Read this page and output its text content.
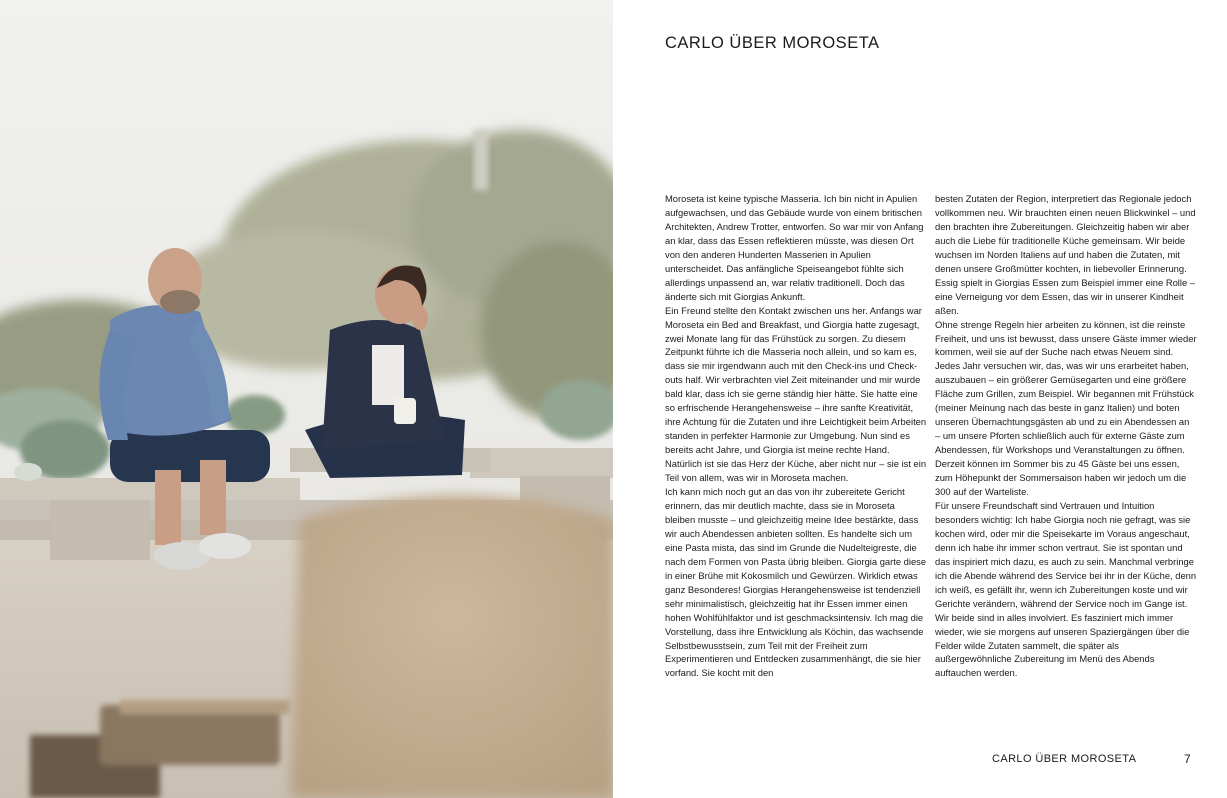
CARLO ÜBER MOROSETA

Moroseta ist keine typische Masseria. Ich bin nicht in Apulien aufgewachsen, und das Gebäude wurde von einem britischen Architekten, Andrew Trotter, entworfen. So war mir von Anfang an klar, dass das Essen reflektieren müsste, was diesen Ort von den anderen Hunderten Masserien in Apulien unterscheidet. Das anfängliche Speiseangebot fühlte sich allerdings unpassend an, war relativ traditionell. Doch das änderte sich mit Giorgias Ankunft.

Ein Freund stellte den Kontakt zwischen uns her. Anfangs war Moroseta ein Bed and Breakfast, und Giorgia hatte zugesagt, zwei Monate lang für das Frühstück zu sorgen. Zu diesem Zeitpunkt führte ich die Masseria noch allein, und so kam es, dass sie mir irgendwann auch mit den Check-ins und Check-outs half. Wir verbrachten viel Zeit miteinander und mir wurde bald klar, dass ich sie gerne ständig hier hätte. Sie hatte eine so erfrischende Herangehensweise – ihre sanfte Kreativität, ihre Achtung für die Zutaten und ihre Leichtigkeit beim Arbeiten standen in perfekter Harmonie zur Umgebung. Nun sind es bereits acht Jahre, und Giorgia ist meine rechte Hand. Natürlich ist sie das Herz der Küche, aber nicht nur – sie ist ein Teil von allem, was wir in Moroseta machen.

Ich kann mich noch gut an das von ihr zubereitete Gericht erinnern, das mir deutlich machte, dass sie in Moroseta bleiben musste – und gleichzeitig meine Idee bestärkte, dass wir auch Abendessen anbieten sollten. Es handelte sich um eine Pasta mista, das sind im Grunde die Nudelteigreste, die nach dem Formen von Pasta übrig bleiben. Giorgia garte diese in einer Brühe mit Kokosmilch und Gewürzen. Wirklich etwas ganz Besonderes! Giorgias Herangehensweise ist tendenziell sehr minimalistisch, gleichzeitig hat ihr Essen immer einen hohen Wohlfühlfaktor und ist geschmacksintensiv. Ich mag die Vorstellung, dass ihre Entwicklung als Köchin, das wachsende Selbstbewusstsein, zum Teil mit der Freiheit zum Experimentieren und Entdecken zusammenhängt, die sie hier vorfand. Sie kocht mit den

besten Zutaten der Region, interpretiert das Regionale jedoch vollkommen neu. Wir brauchten einen neuen Blickwinkel – und den brachten ihre Zubereitungen. Gleichzeitig haben wir aber auch die Liebe für traditionelle Küche gemeinsam. Wir beide wuchsen im Norden Italiens auf und haben die Zutaten, mit denen unsere Großmütter kochten, in liebevoller Erinnerung. Essig spielt in Giorgias Essen zum Beispiel immer eine Rolle – eine Verneigung vor dem Essen, das wir in unserer Kindheit aßen.

Ohne strenge Regeln hier arbeiten zu können, ist die reinste Freiheit, und uns ist bewusst, dass unsere Gäste immer wieder kommen, weil sie auf der Suche nach etwas Neuem sind. Jedes Jahr versuchen wir, das, was wir uns erarbeitet haben, auszubauen – ein größerer Gemüsegarten und eine größere Fläche zum Grillen, zum Beispiel. Wir begannen mit Frühstück (meiner Meinung nach das beste in ganz Italien) und boten unseren Übernachtungsgästen ab und zu ein Abendessen an – um unsere Pforten schließlich auch für externe Gäste zum Abendessen, für Workshops und Veranstaltungen zu öffnen. Derzeit können im Sommer bis zu 45 Gäste bei uns essen, zum Höhepunkt der Sommersaison haben wir jedoch um die 300 auf der Warteliste.

Für unsere Freundschaft sind Vertrauen und Intuition besonders wichtig: Ich habe Giorgia noch nie gefragt, was sie kochen wird, oder mir die Speisekarte im Voraus angeschaut, denn ich habe ihr immer schon vertraut. Sie ist spontan und das inspiriert mich dazu, es auch zu sein. Manchmal verbringe ich die Abende während des Service bei ihr in der Küche, denn ich weiß, es gefällt ihr, wenn ich Zubereitungen koste und wir Gerichte verändern, während der Service noch im Gange ist. Wir beide sind in alles involviert. Es fasziniert mich immer wieder, wie sie morgens auf unseren Spaziergängen über die Felder wilde Zutaten sammelt, die später als außergewöhnliche Zubereitung im Menü des Abends auftauchen werden.

CARLO ÜBER MOROSETA	7
